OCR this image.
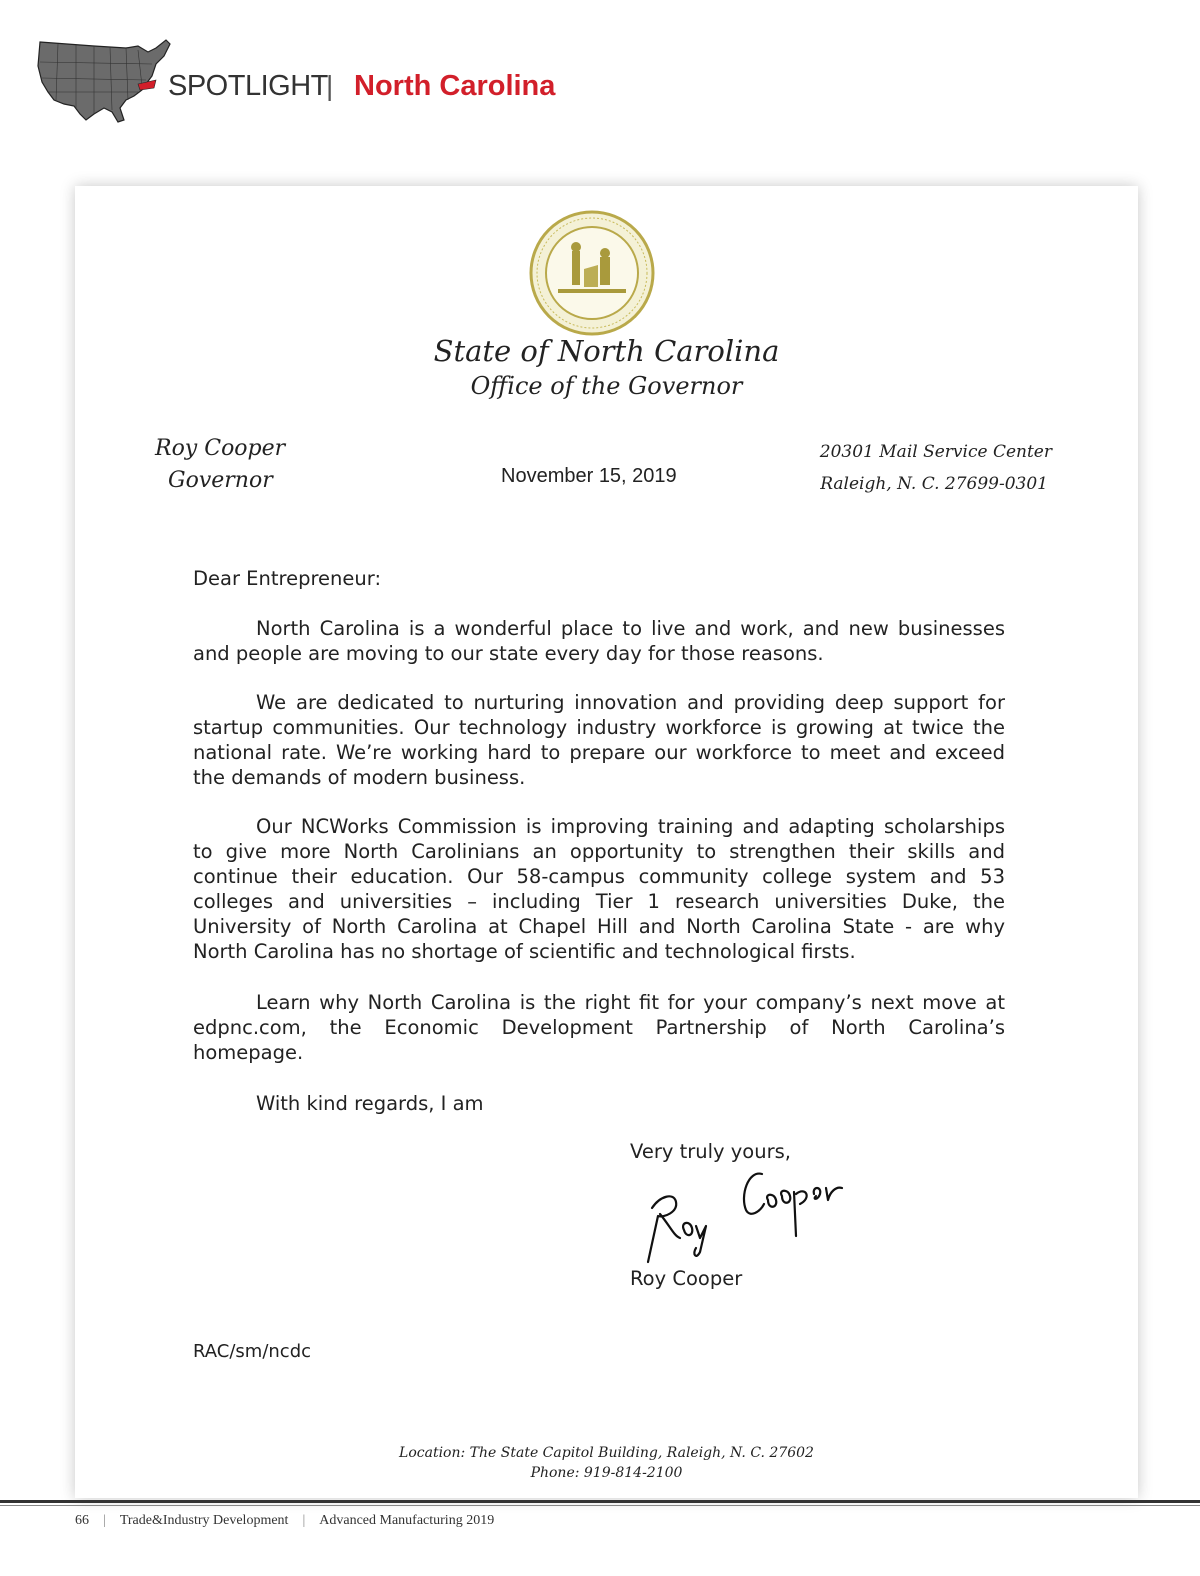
SPOTLIGHT
| North Carolina
State of North Carolina
Office of the Governor
Roy Cooper
Governor	November 15, 2019
20301 Mail Service Center
Raleigh, N. C. 27699-0301
Dear Entrepreneur:
North Carolina is a wonderful place to live and work, and new businesses and people are moving to our state every day for those reasons.
We are dedicated to nurturing innovation and providing deep support for startup communities. Our technology industry workforce is growing at twice the national rate. We’re working hard to prepare our workforce to meet and exceed the demands of modern business.
Our NCWorks Commission is improving training and adapting scholarships to give more North Carolinians an opportunity to strengthen their skills and continue their education. Our 58-campus community college system and 53 colleges and universities – including Tier 1 research universities Duke, the University of North Carolina at Chapel Hill and North Carolina State - are why North Carolina has no shortage of scientific and technological firsts.
Learn why North Carolina is the right fit for your company’s next move at edpnc.com, the Economic Development Partnership of North Carolina’s homepage.
With kind regards, I am
Very truly yours,
Roy Cooper
RAC/sm/ncdc
Location: The State Capitol Building, Raleigh, N. C. 27602
Phone: 919-814-2100
66 | Trade&Industry Development | Advanced Manufacturing 2019
